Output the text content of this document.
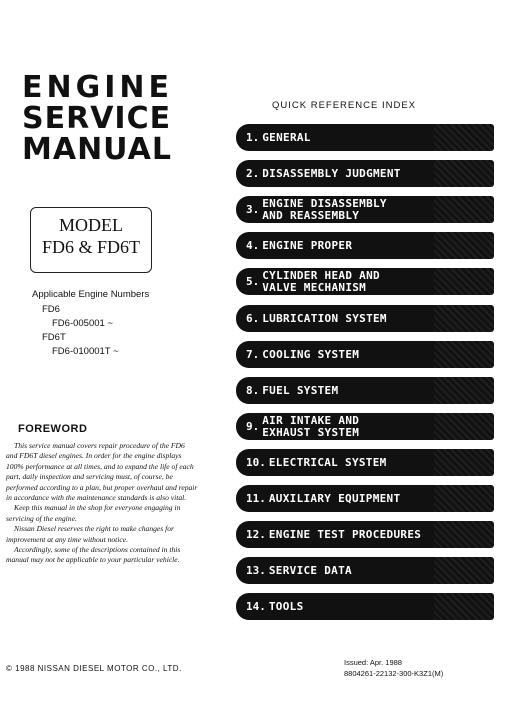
ENGINE
SERVICE
MANUAL
MODEL
FD6 & FD6T
Applicable Engine Numbers
FD6
FD6-005001 ~
FD6T
FD6-010001T ~
FOREWORD

This service manual covers repair procedure of the FD6 and FD6T diesel engines. In order for the engine displays 100% performance at all times, and to expand the life of each part, daily inspection and servicing must, of course, be performed according to a plan, but proper overhaul and repair in accordance with the maintenance standards is also vital.

Keep this manual in the shop for everyone engaging in servicing of the engine.

Nissan Diesel reserves the right to make changes for improvement at any time without notice.

Accordingly, some of the descriptions contained in this manual may not be applicable to your particular vehicle.

QUICK REFERENCE INDEX
1. GENERAL
2. DISASSEMBLY JUDGMENT
3. ENGINE DISASSEMBLY
AND REASSEMBLY
4. ENGINE PROPER
5. CYLINDER HEAD AND
VALVE MECHANISM
6. LUBRICATION SYSTEM
7. COOLING SYSTEM
8. FUEL SYSTEM
9. AIR INTAKE AND
EXHAUST SYSTEM
10. ELECTRICAL SYSTEM
11. AUXILIARY EQUIPMENT
12. ENGINE TEST PROCEDURES
13. SERVICE DATA
14. TOOLS
© 1988 NISSAN DIESEL MOTOR CO., LTD.
Issued: Apr. 1988
8804261-22132-300-K3Z1(M)
